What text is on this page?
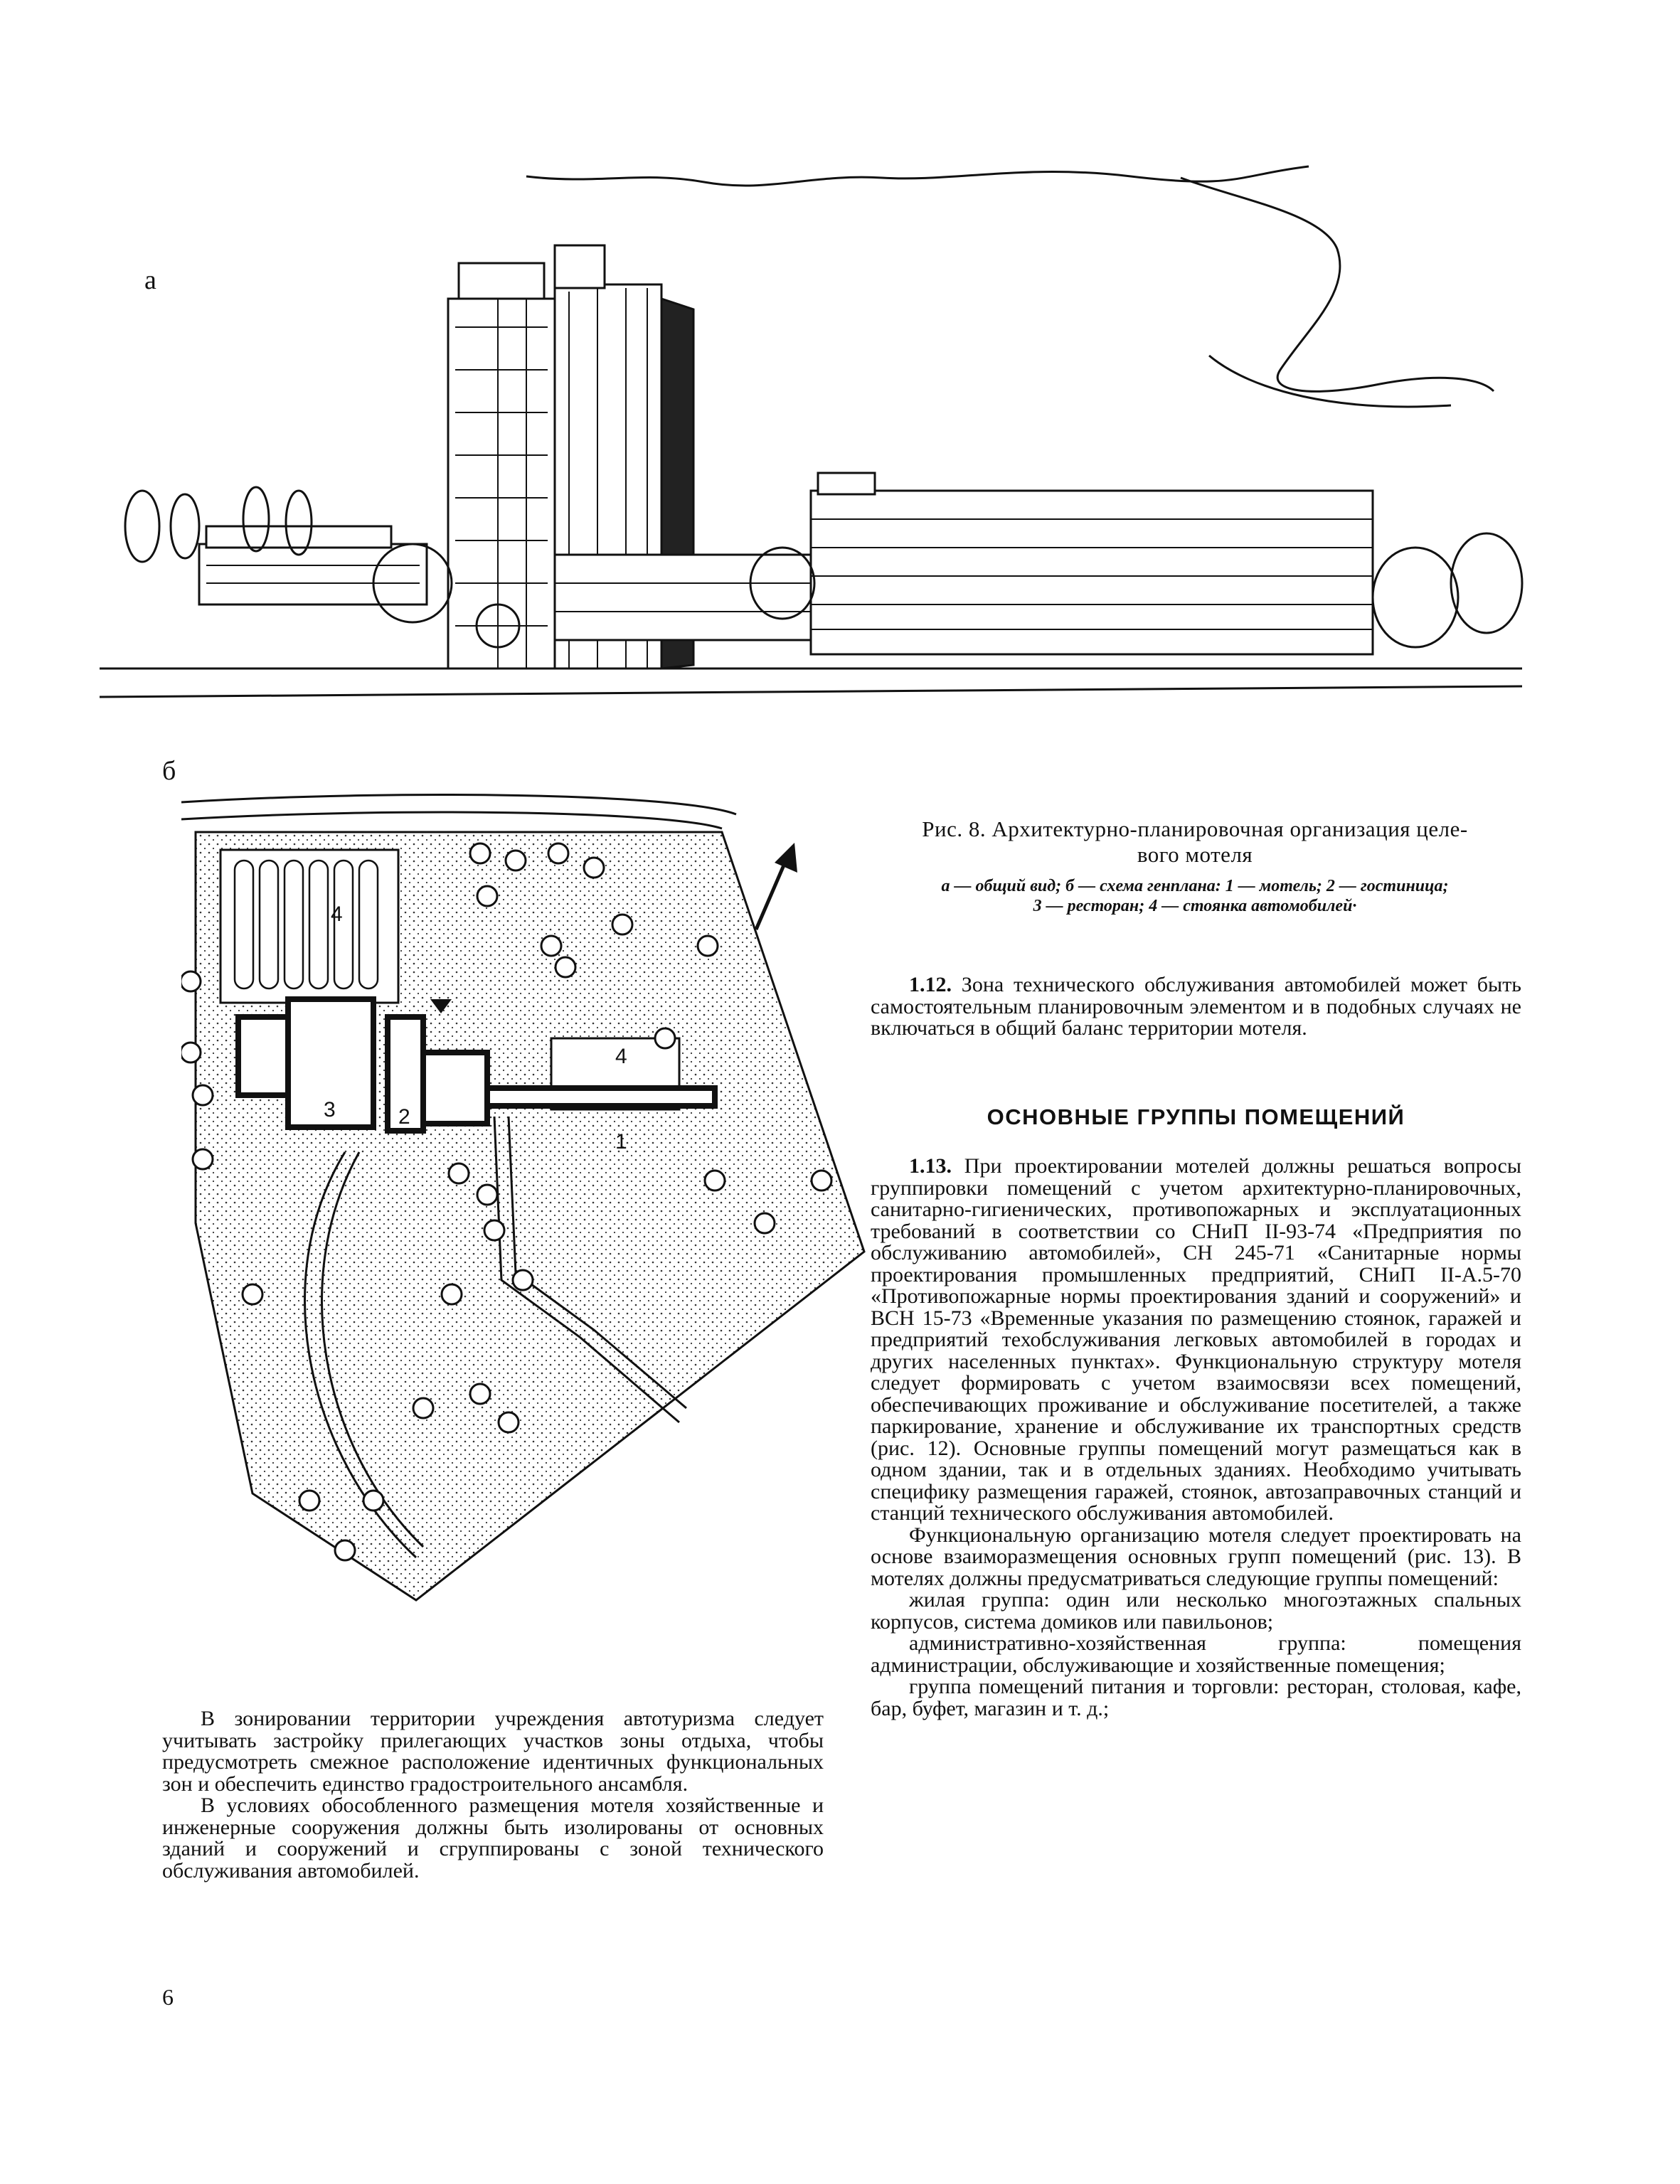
а
б
3	2
1
4
4
Рис. 8. Архитектурно-планировочная организация целе-
вого мотеля
а — общий вид; б — схема генплана: 1 — мотель; 2 — гостиница;
3 — ресторан; 4 — стоянка автомобилей·

1.12. Зона технического обслуживания автомобилей может быть самостоятельным планировочным элементом и в подобных случаях не включаться в общий баланс территории мотеля.

ОСНОВНЫЕ ГРУППЫ ПОМЕЩЕНИЙ

1.13. При проектировании мотелей должны решаться вопросы группировки помещений с учетом архитектурно-планировочных, санитарно-гигиенических, противопожарных и эксплуатационных требований в соответствии со СНиП II-93-74 «Предприятия по обслуживанию автомобилей», СН 245-71 «Санитарные нормы проектирования промышленных предприятий, СНиП II-А.5-70 «Противопожарные нормы проектирования зданий и сооружений» и ВСН 15-73 «Временные указания по размещению стоянок, гаражей и предприятий техобслуживания легковых автомобилей в городах и других населенных пунктах». Функциональную структуру мотеля следует формировать с учетом взаимосвязи всех помещений, обеспечивающих проживание и обслуживание посетителей, а также паркирование, хранение и обслуживание их транспортных средств (рис. 12). Основные группы помещений могут размещаться как в одном здании, так и в отдельных зданиях. Необходимо учитывать специфику размещения гаражей, стоянок, автозаправочных станций и станций технического обслуживания автомобилей.

Функциональную организацию мотеля следует проектировать на основе взаиморазмещения основных групп помещений (рис. 13). В мотелях должны предусматриваться следующие группы помещений:

жилая группа: один или несколько многоэтажных спальных корпусов, система домиков или павильонов;

административно-хозяйственная группа: помещения администрации, обслуживающие и хозяйственные помещения;

группа помещений питания и торговли: ресторан, столовая, кафе, бар, буфет, магазин и т. д.;

В зонировании территории учреждения автотуризма следует учитывать застройку прилегающих участков зоны отдыха, чтобы предусмотреть смежное расположение идентичных функциональных зон и обеспечить единство градостроительного ансамбля.

В условиях обособленного размещения мотеля хозяйственные и инженерные сооружения должны быть изолированы от основных зданий и сооружений и сгруппированы с зоной технического обслуживания автомобилей.

6
